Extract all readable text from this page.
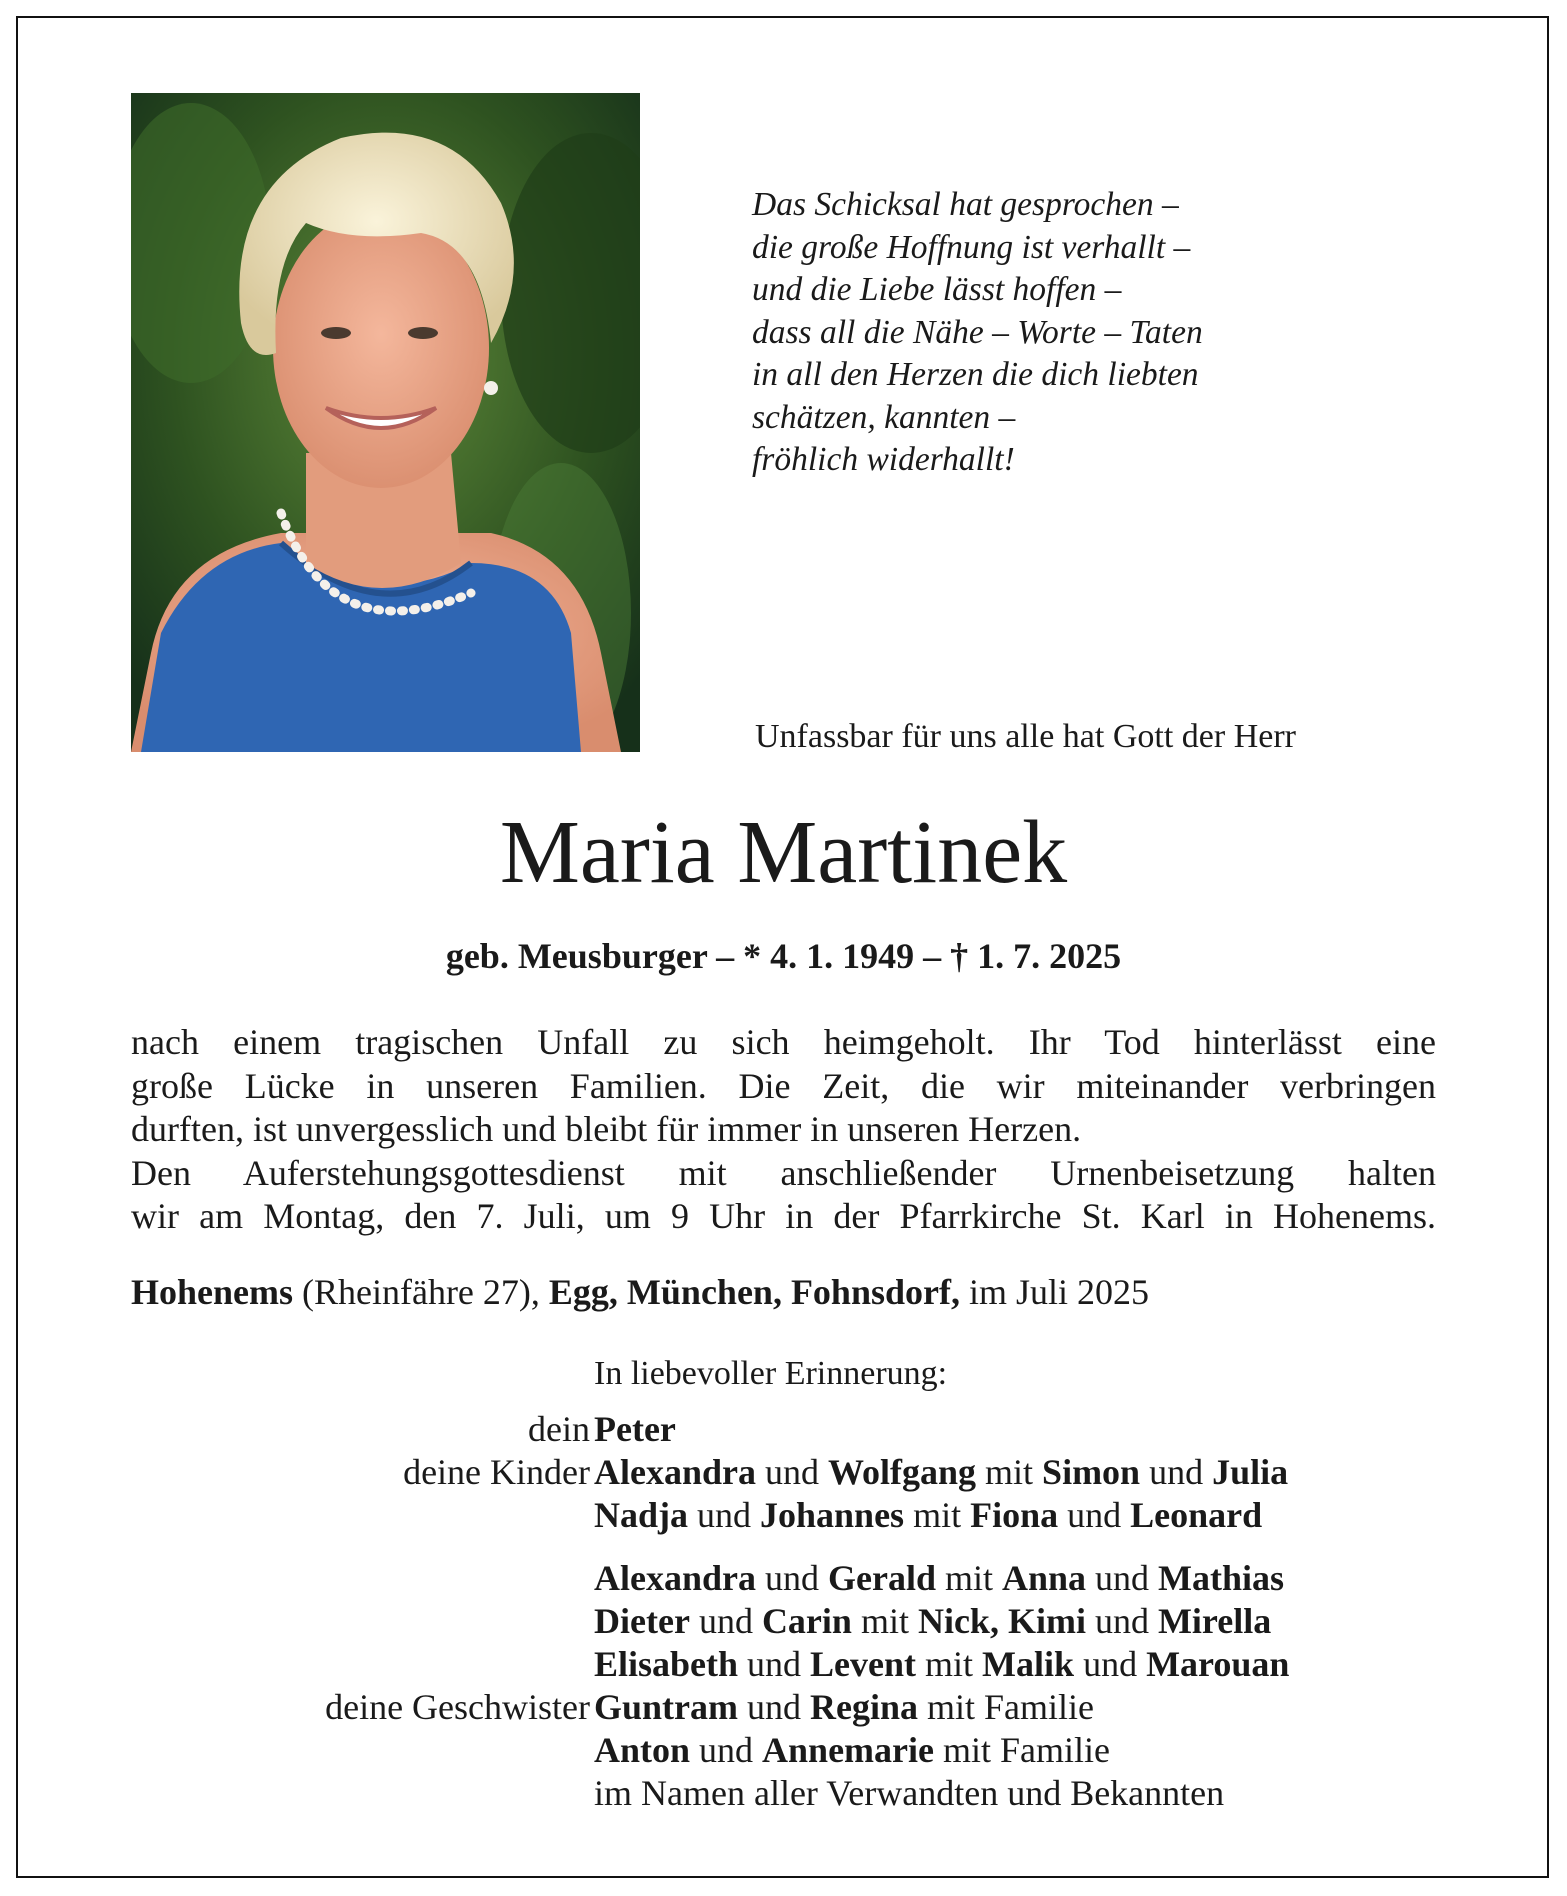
Das Schicksal hat gesprochen –
die große Hoffnung ist verhallt –
und die Liebe lässt hoffen –
dass all die Nähe – Worte – Taten
in all den Herzen die dich liebten
schätzen, kannten –
fröhlich widerhallt!
Unfassbar für uns alle hat Gott der Herr
Maria Martinek
geb. Meusburger – * 4. 1. 1949 – † 1. 7. 2025
nach einem tragischen Unfall zu sich heimgeholt. Ihr Tod hinterlässt eine
große Lücke in unseren Familien. Die Zeit, die wir miteinander verbringen
durften, ist unvergesslich und bleibt für immer in unseren Herzen.
Den Auferstehungsgottesdienst mit anschließender Urnenbeisetzung halten
wir am Montag, den 7. Juli, um 9 Uhr in der Pfarrkirche St. Karl in Hohenems.
Hohenems (Rheinfähre 27), Egg, München, Fohnsdorf, im Juli 2025
In liebevoller Erinnerung:
dein Peter
deine Kinder Alexandra und Wolfgang mit Simon und Julia
Nadja und Johannes mit Fiona und Leonard
Alexandra und Gerald mit Anna und Mathias
Dieter und Carin mit Nick, Kimi und Mirella
Elisabeth und Levent mit Malik und Marouan
deine Geschwister Guntram und Regina mit Familie
Anton und Annemarie mit Familie
im Namen aller Verwandten und Bekannten
